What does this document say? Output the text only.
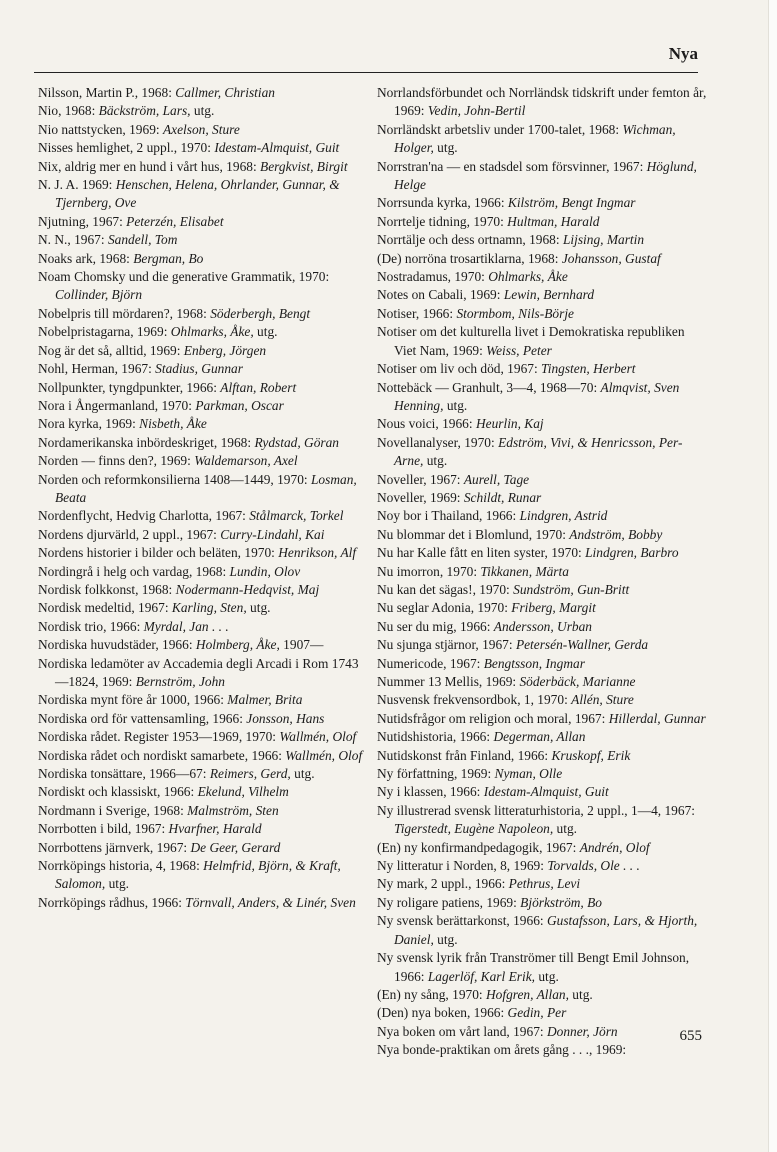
Nya
Nilsson, Martin P., 1968: Callmer, Christian
Nio, 1968: Bäckström, Lars, utg.
Nio nattstycken, 1969: Axelson, Sture
Nisses hemlighet, 2 uppl., 1970: Idestam-Almquist, Guit
Nix, aldrig mer en hund i vårt hus, 1968: Bergkvist, Birgit
N. J. A. 1969: Henschen, Helena, Ohrlander, Gunnar, & Tjernberg, Ove
Njutning, 1967: Peterzén, Elisabet
N. N., 1967: Sandell, Tom
Noaks ark, 1968: Bergman, Bo
Noam Chomsky und die generative Grammatik, 1970: Collinder, Björn
Nobelpris till mördaren?, 1968: Söderbergh, Bengt
Nobelpristagarna, 1969: Ohlmarks, Åke, utg.
Nog är det så, alltid, 1969: Enberg, Jörgen
Nohl, Herman, 1967: Stadius, Gunnar
Nollpunkter, tyngdpunkter, 1966: Alftan, Robert
Nora i Ångermanland, 1970: Parkman, Oscar
Nora kyrka, 1969: Nisbeth, Åke
Nordamerikanska inbördeskriget, 1968: Rydstad, Göran
Norden — finns den?, 1969: Waldemarson, Axel
Norden och reformkonsilierna 1408—1449, 1970: Losman, Beata
Nordenflycht, Hedvig Charlotta, 1967: Stålmarck, Torkel
Nordens djurvärld, 2 uppl., 1967: Curry-Lindahl, Kai
Nordens historier i bilder och beläten, 1970: Henrikson, Alf
Nordingrå i helg och vardag, 1968: Lundin, Olov
Nordisk folkkonst, 1968: Nodermann-Hedqvist, Maj
Nordisk medeltid, 1967: Karling, Sten, utg.
Nordisk trio, 1966: Myrdal, Jan . . .
Nordiska huvudstäder, 1966: Holmberg, Åke, 1907—
Nordiska ledamöter av Accademia degli Arcadi i Rom 1743—1824, 1969: Bernström, John
Nordiska mynt före år 1000, 1966: Malmer, Brita
Nordiska ord för vattensamling, 1966: Jonsson, Hans
Nordiska rådet. Register 1953—1969, 1970: Wallmén, Olof
Nordiska rådet och nordiskt samarbete, 1966: Wallmén, Olof
Nordiska tonsättare, 1966—67: Reimers, Gerd, utg.
Nordiskt och klassiskt, 1966: Ekelund, Vilhelm
Nordmann i Sverige, 1968: Malmström, Sten
Norrbotten i bild, 1967: Hvarfner, Harald
Norrbottens järnverk, 1967: De Geer, Gerard
Norrköpings historia, 4, 1968: Helmfrid, Björn, & Kraft, Salomon, utg.
Norrköpings rådhus, 1966: Törnvall, Anders, & Linér, Sven
Norrlandsförbundet och Norrländsk tidskrift under femton år, 1969: Vedin, John-Bertil
Norrländskt arbetsliv under 1700-talet, 1968: Wichman, Holger, utg.
Norrstran'na — en stadsdel som försvinner, 1967: Höglund, Helge
Norrsunda kyrka, 1966: Kilström, Bengt Ingmar
Norrtelje tidning, 1970: Hultman, Harald
Norrtälje och dess ortnamn, 1968: Lijsing, Martin
(De) norröna trosartiklarna, 1968: Johansson, Gustaf
Nostradamus, 1970: Ohlmarks, Åke
Notes on Cabali, 1969: Lewin, Bernhard
Notiser, 1966: Stormbom, Nils-Börje
Notiser om det kulturella livet i Demokratiska republiken Viet Nam, 1969: Weiss, Peter
Notiser om liv och död, 1967: Tingsten, Herbert
Nottebäck — Granhult, 3—4, 1968—70: Almqvist, Sven Henning, utg.
Nous voici, 1966: Heurlin, Kaj
Novellanalyser, 1970: Edström, Vivi, & Henricsson, Per-Arne, utg.
Noveller, 1967: Aurell, Tage
Noveller, 1969: Schildt, Runar
Noy bor i Thailand, 1966: Lindgren, Astrid
Nu blommar det i Blomlund, 1970: Andström, Bobby
Nu har Kalle fått en liten syster, 1970: Lindgren, Barbro
Nu imorron, 1970: Tikkanen, Märta
Nu kan det sägas!, 1970: Sundström, Gun-Britt
Nu seglar Adonia, 1970: Friberg, Margit
Nu ser du mig, 1966: Andersson, Urban
Nu sjunga stjärnor, 1967: Petersén-Wallner, Gerda
Numericode, 1967: Bengtsson, Ingmar
Nummer 13 Mellis, 1969: Söderbäck, Marianne
Nusvensk frekvensordbok, 1, 1970: Allén, Sture
Nutidsfrågor om religion och moral, 1967: Hillerdal, Gunnar
Nutidshistoria, 1966: Degerman, Allan
Nutidskonst från Finland, 1966: Kruskopf, Erik
Ny författning, 1969: Nyman, Olle
Ny i klassen, 1966: Idestam-Almquist, Guit
Ny illustrerad svensk litteraturhistoria, 2 uppl., 1—4, 1967: Tigerstedt, Eugène Napoleon, utg.
(En) ny konfirmandpedagogik, 1967: Andrén, Olof
Ny litteratur i Norden, 8, 1969: Torvalds, Ole . . .
Ny mark, 2 uppl., 1966: Pethrus, Levi
Ny roligare patiens, 1969: Björkström, Bo
Ny svensk berättarkonst, 1966: Gustafsson, Lars, & Hjorth, Daniel, utg.
Ny svensk lyrik från Tranströmer till Bengt Emil Johnson, 1966: Lagerlöf, Karl Erik, utg.
(En) ny sång, 1970: Hofgren, Allan, utg.
(Den) nya boken, 1966: Gedin, Per
Nya boken om vårt land, 1967: Donner, Jörn
Nya bonde-praktikan om årets gång . . ., 1969:
655
